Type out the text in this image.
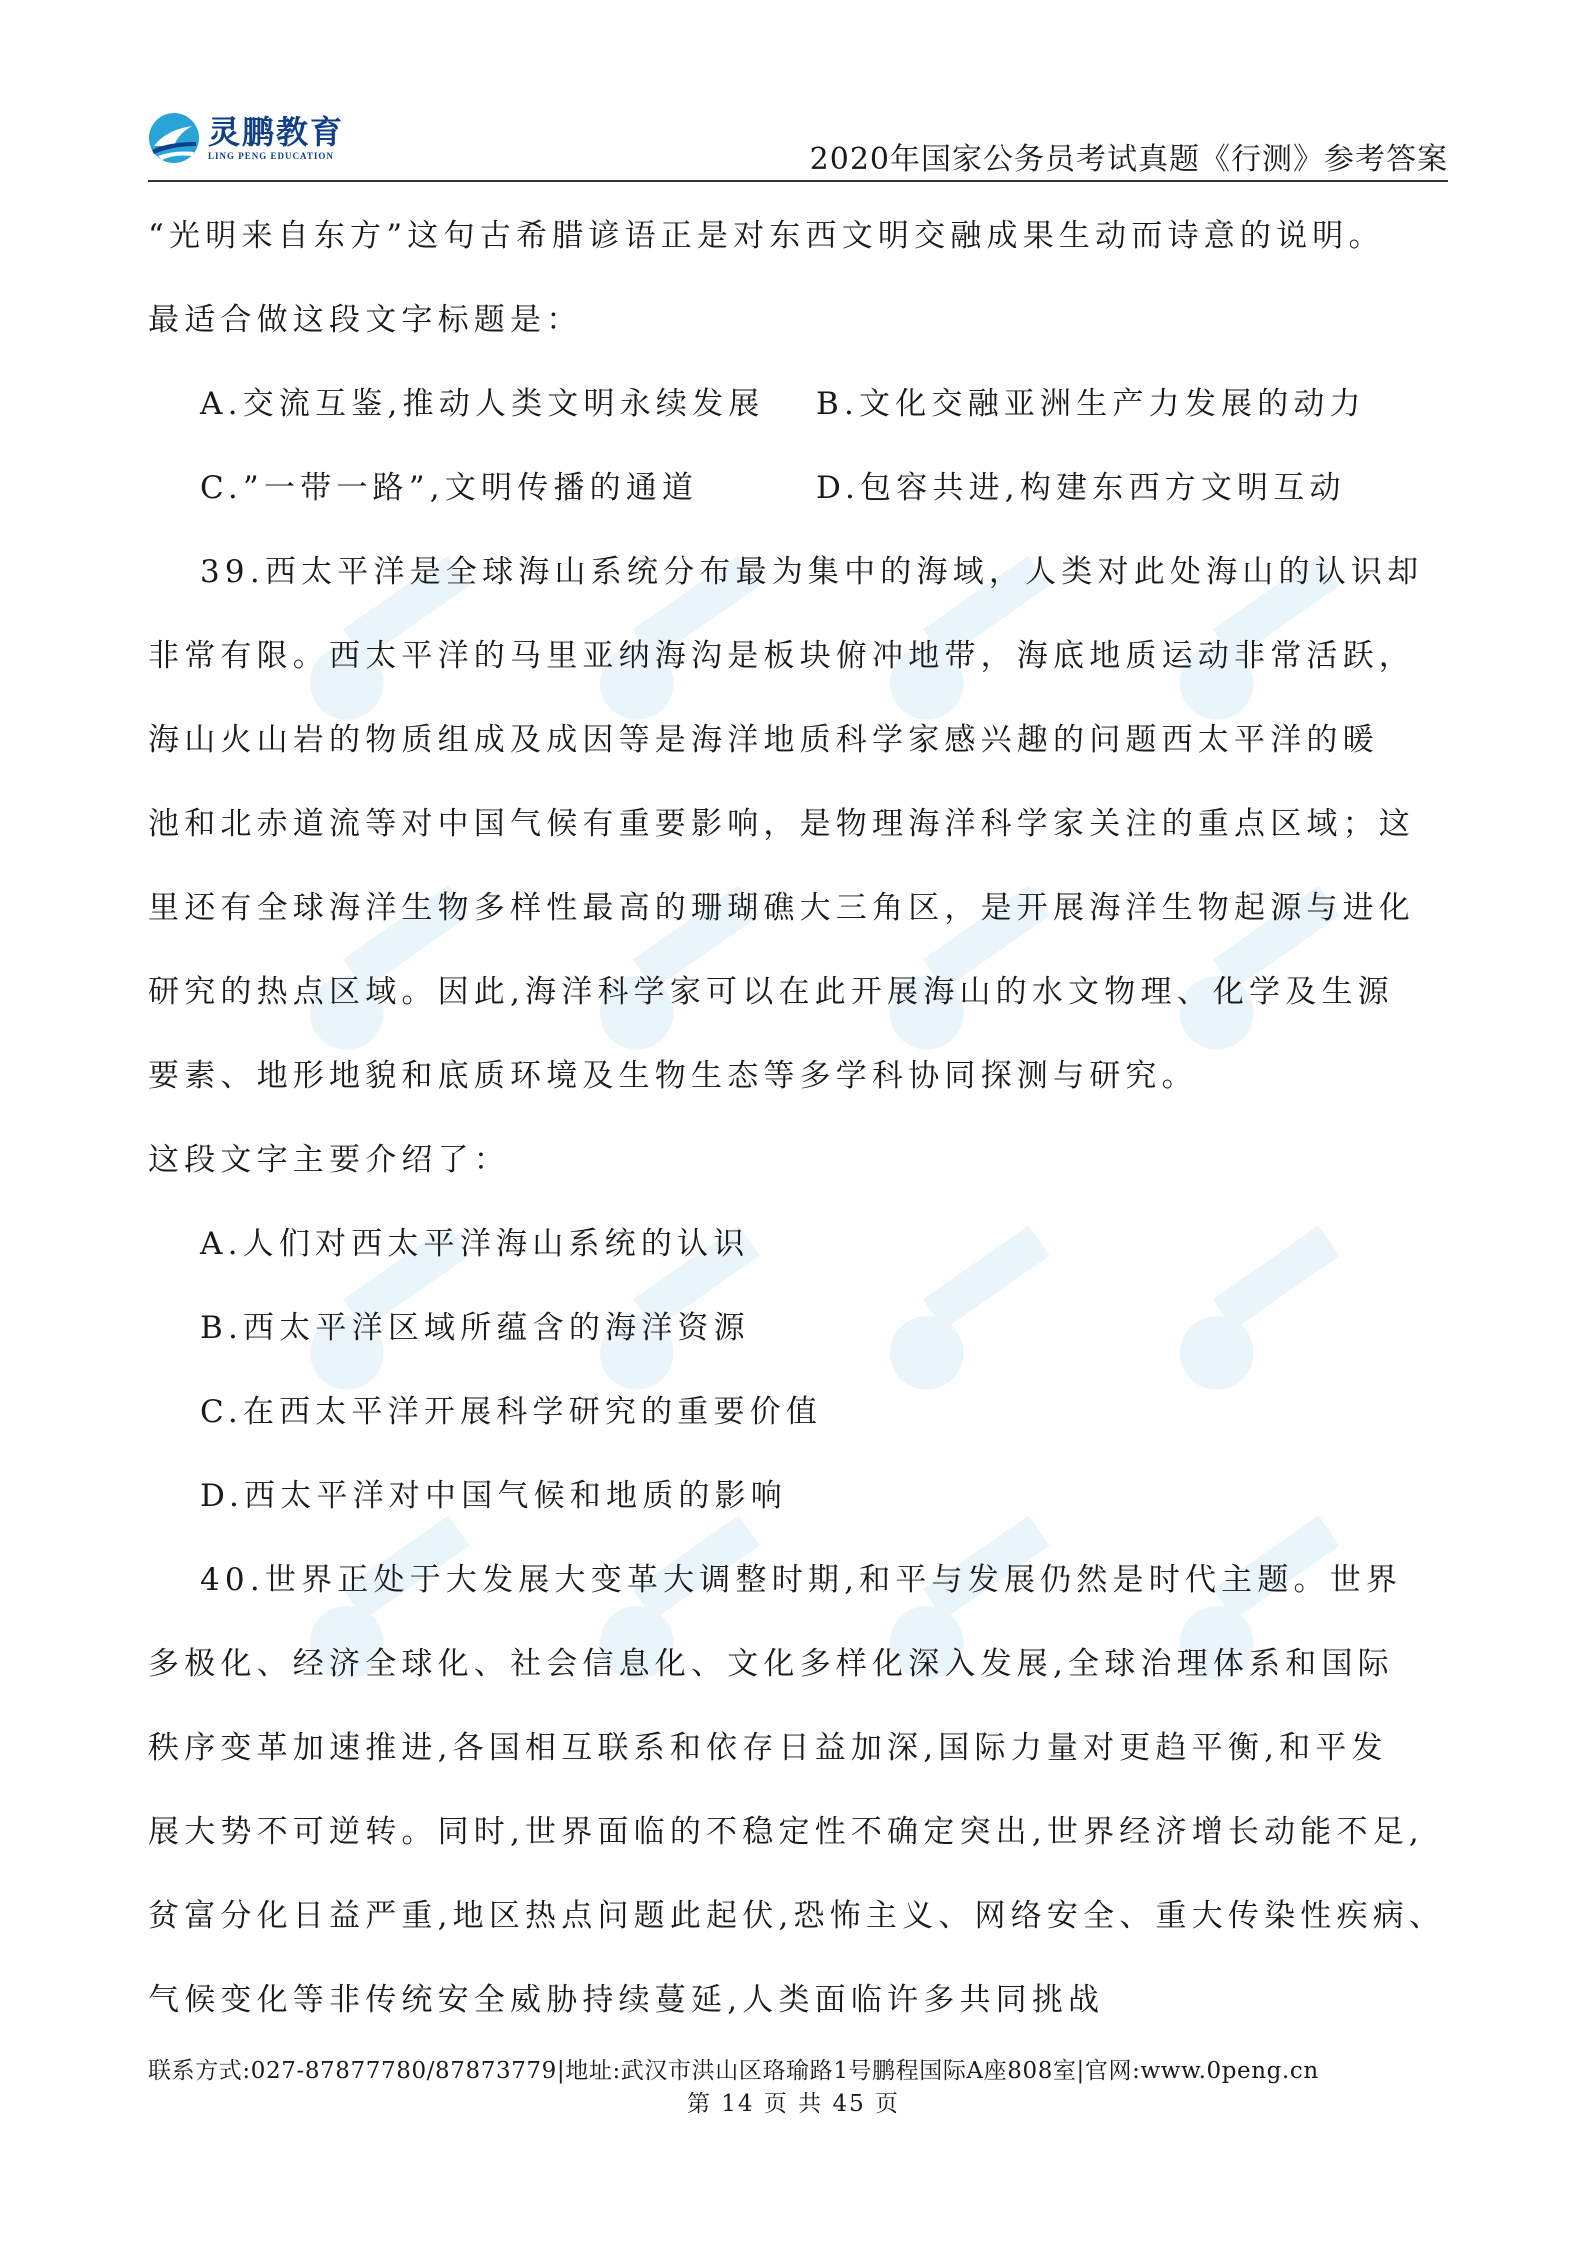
灵鹏教育
LING PENG EDUCATION	2020年国家公务员考试真题《行测》参考答案
“光明来自东方”这句古希腊谚语正是对东西文明交融成果生动而诗意的说明。
最适合做这段文字标题是：
A.交流互鉴,推动人类文明永续发展 B.文化交融亚洲生产力发展的动力
C.”一带一路”,文明传播的通道	D.包容共进,构建东西方文明互动
39.西太平洋是全球海山系统分布最为集中的海域，人类对此处海山的认识却
非常有限。西太平洋的马里亚纳海沟是板块俯冲地带，海底地质运动非常活跃，
海山火山岩的物质组成及成因等是海洋地质科学家感兴趣的问题西太平洋的暖
池和北赤道流等对中国气候有重要影响，是物理海洋科学家关注的重点区域；这
里还有全球海洋生物多样性最高的珊瑚礁大三角区，是开展海洋生物起源与进化
研究的热点区域。因此,海洋科学家可以在此开展海山的水文物理、化学及生源
要素、地形地貌和底质环境及生物生态等多学科协同探测与研究。
这段文字主要介绍了：
A.人们对西太平洋海山系统的认识
B.西太平洋区域所蕴含的海洋资源
C.在西太平洋开展科学研究的重要价值
D.西太平洋对中国气候和地质的影响
40.世界正处于大发展大变革大调整时期,和平与发展仍然是时代主题。世界
多极化、经济全球化、社会信息化、文化多样化深入发展,全球治理体系和国际
秩序变革加速推进,各国相互联系和依存日益加深,国际力量对更趋平衡,和平发
展大势不可逆转。同时,世界面临的不稳定性不确定突出,世界经济增长动能不足,
贫富分化日益严重,地区热点问题此起伏,恐怖主义、网络安全、重大传染性疾病、
气候变化等非传统安全威胁持续蔓延,人类面临许多共同挑战
联系方式:027-87877780/87873779|地址:武汉市洪山区珞瑜路1号鹏程国际A座808室|官网:www.0peng.cn
第 14 页 共 45 页
